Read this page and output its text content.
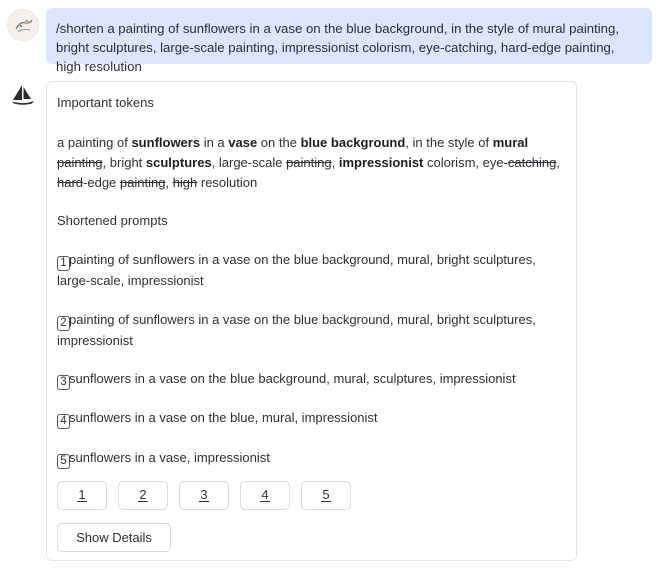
/shorten a painting of sunflowers in a vase on the blue background, in the style of mural painting, bright sculptures, large-scale painting, impressionist colorism, eye-catching, hard-edge painting, high resolution
Important tokens
a painting of sunflowers in a vase on the blue background, in the style of mural painting, bright sculptures, large-scale painting, impressionist colorism, eye-catching, hard-edge painting, high resolution
Shortened prompts
1 painting of sunflowers in a vase on the blue background, mural, bright sculptures, large-scale, impressionist
2 painting of sunflowers in a vase on the blue background, mural, bright sculptures, impressionist
3 sunflowers in a vase on the blue background, mural, sculptures, impressionist
4 sunflowers in a vase on the blue, mural, impressionist
5 sunflowers in a vase, impressionist
1	2	3	4	5
Show Details
